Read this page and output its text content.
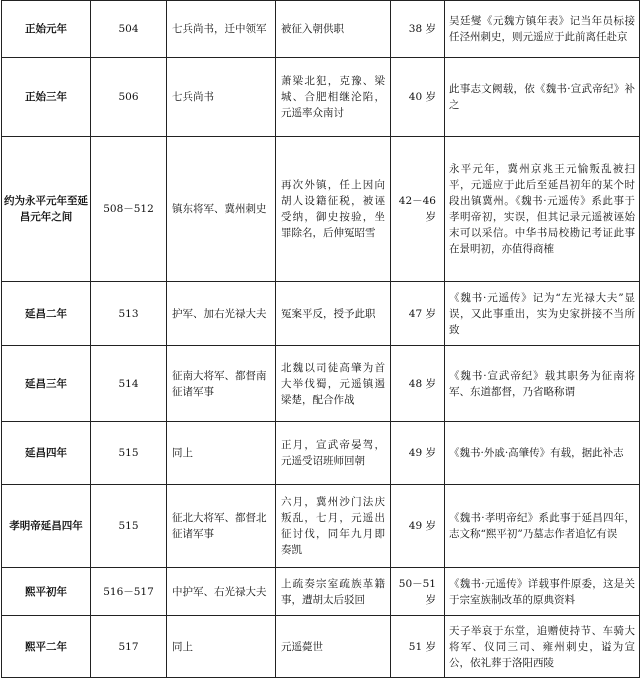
正始元年	504	七兵尚书，迁中领军	被征入朝供职	38 岁	吴廷燮《元魏方镇年表》记当年员标接任泾州刺史，则元遥应于此前离任赴京
正始三年	506	七兵尚书	萧梁北犯，克豫、梁城、合肥相继沦陷，元遥率众南讨	40 岁	此事志文阙载，依《魏书·宣武帝纪》补之
约为永平元年至延昌元年之间	508－512	镇东将军、冀州刺史	再次外镇，任上因向胡人设籍征税，被诬受纳，御史按验，坐罪除名，后伸冤昭雪	42－46 岁	永平元年，冀州京兆王元愉叛乱被扫平，元遥应于此后至延昌初年的某个时段出镇冀州。《魏书·元遥传》系此事于孝明帝初，实误，但其记录元遥被诬始末可以采信。中华书局校勘记考证此事在景明初，亦值得商榷
延昌二年	513	护军、加右光禄大夫	冤案平反，授予此职	47 岁	《魏书·元遥传》记为“左光禄大夫”显误，又此事重出，实为史家拼接不当所致
延昌三年	514	征南大将军、都督南征诸军事	北魏以司徒高肇为首大举伐蜀，元遥镇遏梁楚，配合作战	48 岁	《魏书·宣武帝纪》载其职务为征南将军、东道都督，乃省略称谓
延昌四年	515	同上	正月，宣武帝晏驾，元遥受诏班师回朝	49 岁	《魏书·外戚·高肇传》有载，据此补志
孝明帝延昌四年	515	征北大将军、都督北征诸军事	六月，冀州沙门法庆叛乱，七月，元遥出征讨伐，同年九月即奏凯	49 岁	《魏书·孝明帝纪》系此事于延昌四年，志文称“熙平初”乃墓志作者追忆有误
熙平初年	516－517	中护军、右光禄大夫	上疏奏宗室疏族革籍事，遭胡太后驳回	50－51 岁	《魏书·元遥传》详载事件原委，这是关于宗室族制改革的原典资料
熙平二年	517	同上	元遥薨世	51 岁	天子举哀于东堂，追赠使持节、车骑大将军、仪同三司、雍州刺史，谥为宣公，依礼葬于洛阳西陵
